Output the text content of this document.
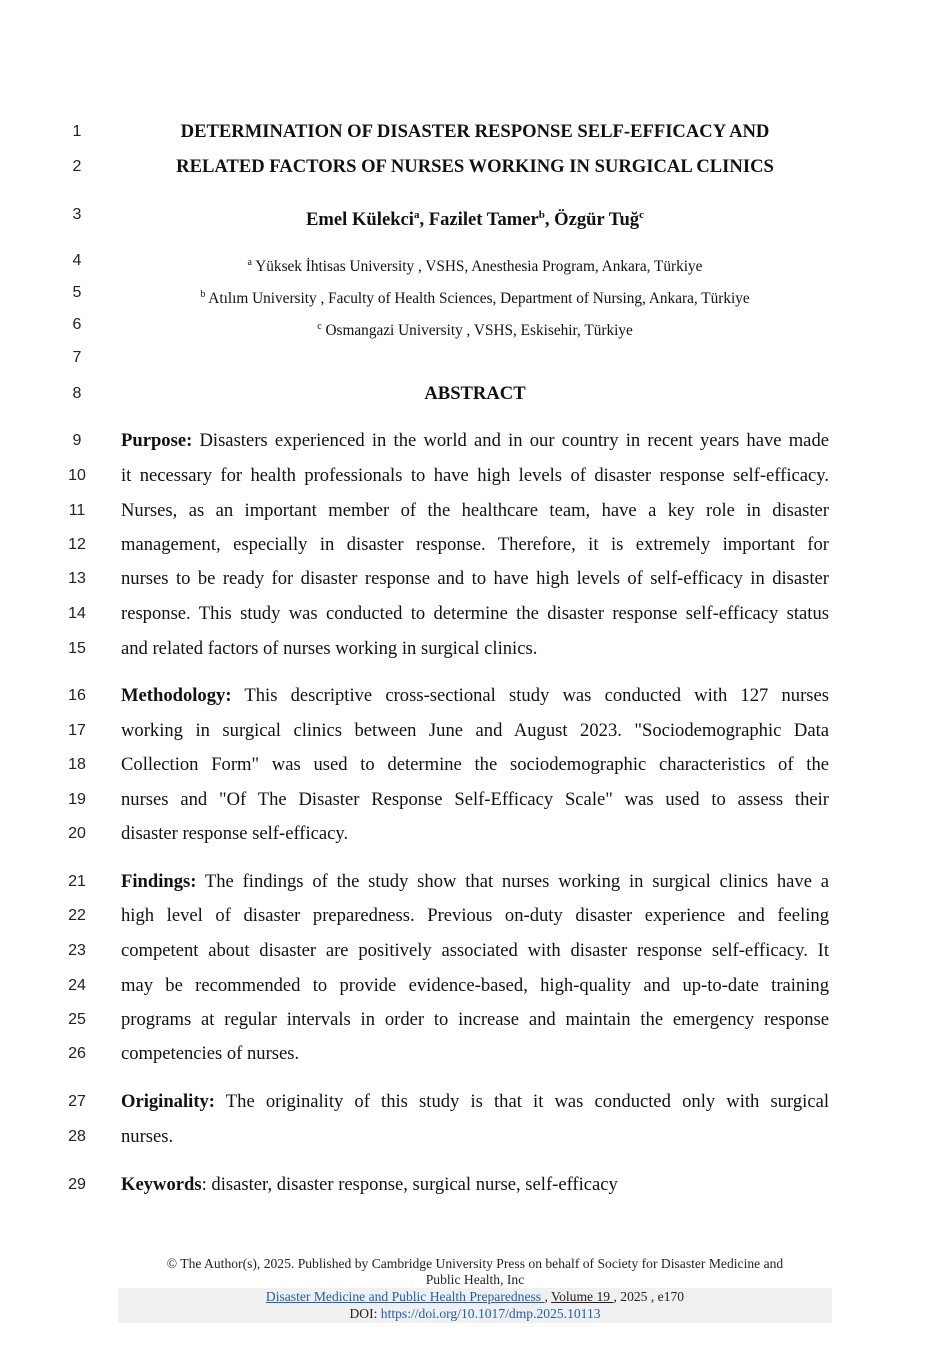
1
2
3
4
5
6
7
8
9
10
11
12
13
14
15
16
17
18
19
20
21
22
23
24
25
26
27
28
29
DETERMINATION OF DISASTER RESPONSE SELF-EFFICACY AND
RELATED FACTORS OF NURSES WORKING IN SURGICAL CLINICS
Emel Külekci$^a$, Fazilet Tamer$^b$, Özgür Tuğ$^c$
$^a$ Yüksek İhtisas University , VSHS, Anesthesia Program, Ankara, Türkiye
$^b$ Atılım University , Faculty of Health Sciences, Department of Nursing, Ankara, Türkiye
$^c$ Osmangazi University , VSHS, Eskisehir, Türkiye
ABSTRACT
Purpose: Disasters experienced in the world and in our country in recent years have made
it necessary for health professionals to have high levels of disaster response self-efficacy.
Nurses, as an important member of the healthcare team, have a key role in disaster
management, especially in disaster response. Therefore, it is extremely important for
nurses to be ready for disaster response and to have high levels of self-efficacy in disaster
response. This study was conducted to determine the disaster response self-efficacy status
and related factors of nurses working in surgical clinics.
Methodology: This descriptive cross-sectional study was conducted with 127 nurses
working in surgical clinics between June and August 2023. "Sociodemographic Data
Collection Form" was used to determine the sociodemographic characteristics of the
nurses and "Of The Disaster Response Self-Efficacy Scale" was used to assess their
disaster response self-efficacy.
Findings: The findings of the study show that nurses working in surgical clinics have a
high level of disaster preparedness. Previous on-duty disaster experience and feeling
competent about disaster are positively associated with disaster response self-efficacy. It
may be recommended to provide evidence-based, high-quality and up-to-date training
programs at regular intervals in order to increase and maintain the emergency response
competencies of nurses.
Originality: The originality of this study is that it was conducted only with surgical
nurses.
Keywords: disaster, disaster response, surgical nurse, self-efficacy
© The Author(s), 2025. Published by Cambridge University Press on behalf of Society for Disaster Medicine and
Public Health, Inc
Disaster Medicine and Public Health Preparedness , Volume 19 , 2025 , e170
DOI: https://doi.org/10.1017/dmp.2025.10113
